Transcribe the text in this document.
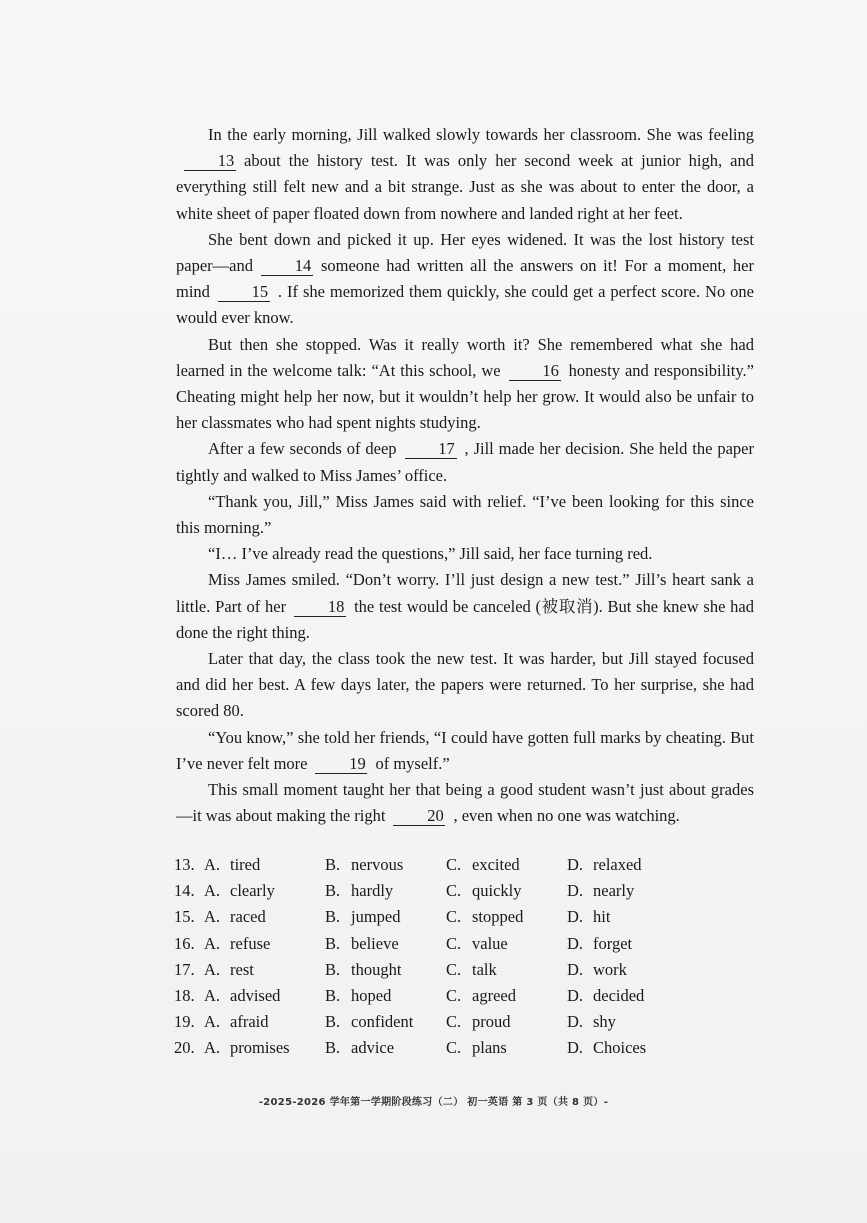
In the early morning, Jill walked slowly towards her classroom. She was feeling13 about the history test. It was only her second week at junior high, and everything still felt new and a bit strange. Just as she was about to enter the door, a white sheet of paper floated down from nowhere and landed right at her feet.

She bent down and picked it up. Her eyes widened. It was the lost history test paper—and	14 someone had written all the answers on it! For a moment, her mind	15 . If she memorized them quickly, she could get a perfect score. No one would ever know.

But then she stopped. Was it really worth it? She remembered what she had learned in the welcome talk: “At this school, we	16 honesty and responsibility.” Cheating might help her now, but it wouldn’t help her grow. It would also be unfair to her classmates who had spent nights studying.

After a few seconds of deep	17 , Jill made her decision. She held the paper tightly and walked to Miss James’ office.

“Thank you, Jill,” Miss James said with relief. “I’ve been looking for this since this morning.”

“I… I’ve already read the questions,” Jill said, her face turning red.

Miss James smiled. “Don’t worry. I’ll just design a new test.” Jill’s heart sank a little. Part of her	18 the test would be canceled (被取消). But she knew she had done the right thing.

Later that day, the class took the new test. It was harder, but Jill stayed focused and did her best. A few days later, the papers were returned. To her surprise, she had scored 80.

“You know,” she told her friends, “I could have gotten full marks by cheating. But I’ve never felt more	19 of myself.”

This small moment taught her that being a good student wasn’t just about grades—it was about making the right	20 , even when no one was watching.

13. A. tired	B. nervous	C. excited	D. relaxed
14. A. clearly	B. hardly	C. quickly	D. nearly
15. A. raced	B. jumped	C. stopped	D. hit
16. A. refuse	B. believe	C. value	D. forget
17. A. rest	B. thought	C. talk	D. work
18. A. advised	B. hoped	C. agreed	D. decided
19. A. afraid	B. confident C. proud	D. shy
20. A. promises B. advice	C. plans	D. Choices
-2025-2026 学年第一学期阶段练习（二） 初一英语 第 3 页（共 8 页）-
